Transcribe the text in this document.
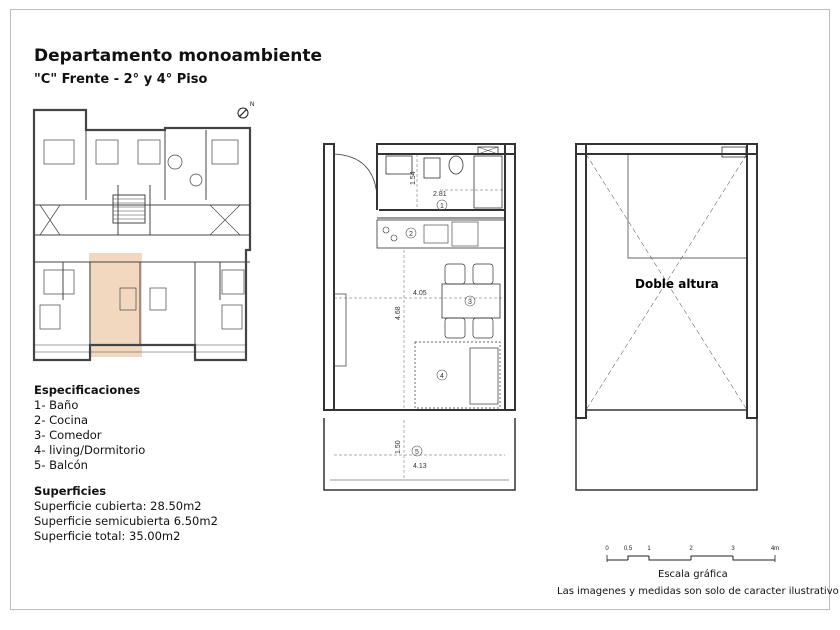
Departamento monoambiente
"C" Frente - 2° y 4° Piso
N
1.54
2.81
4.05
4.68
1.50
4.13
1
2
3
4
5
Doble altura
0	0.5	1	2	3	4m
Especificaciones
1- Baño
2- Cocina
3- Comedor
4- living/Dormitorio
5- Balcón
Superficies
Superficie cubierta: 28.50m2
Superficie semicubierta 6.50m2
Superficie total: 35.00m2
Escala gráfica
Las imagenes y medidas son solo de caracter ilustrativo
